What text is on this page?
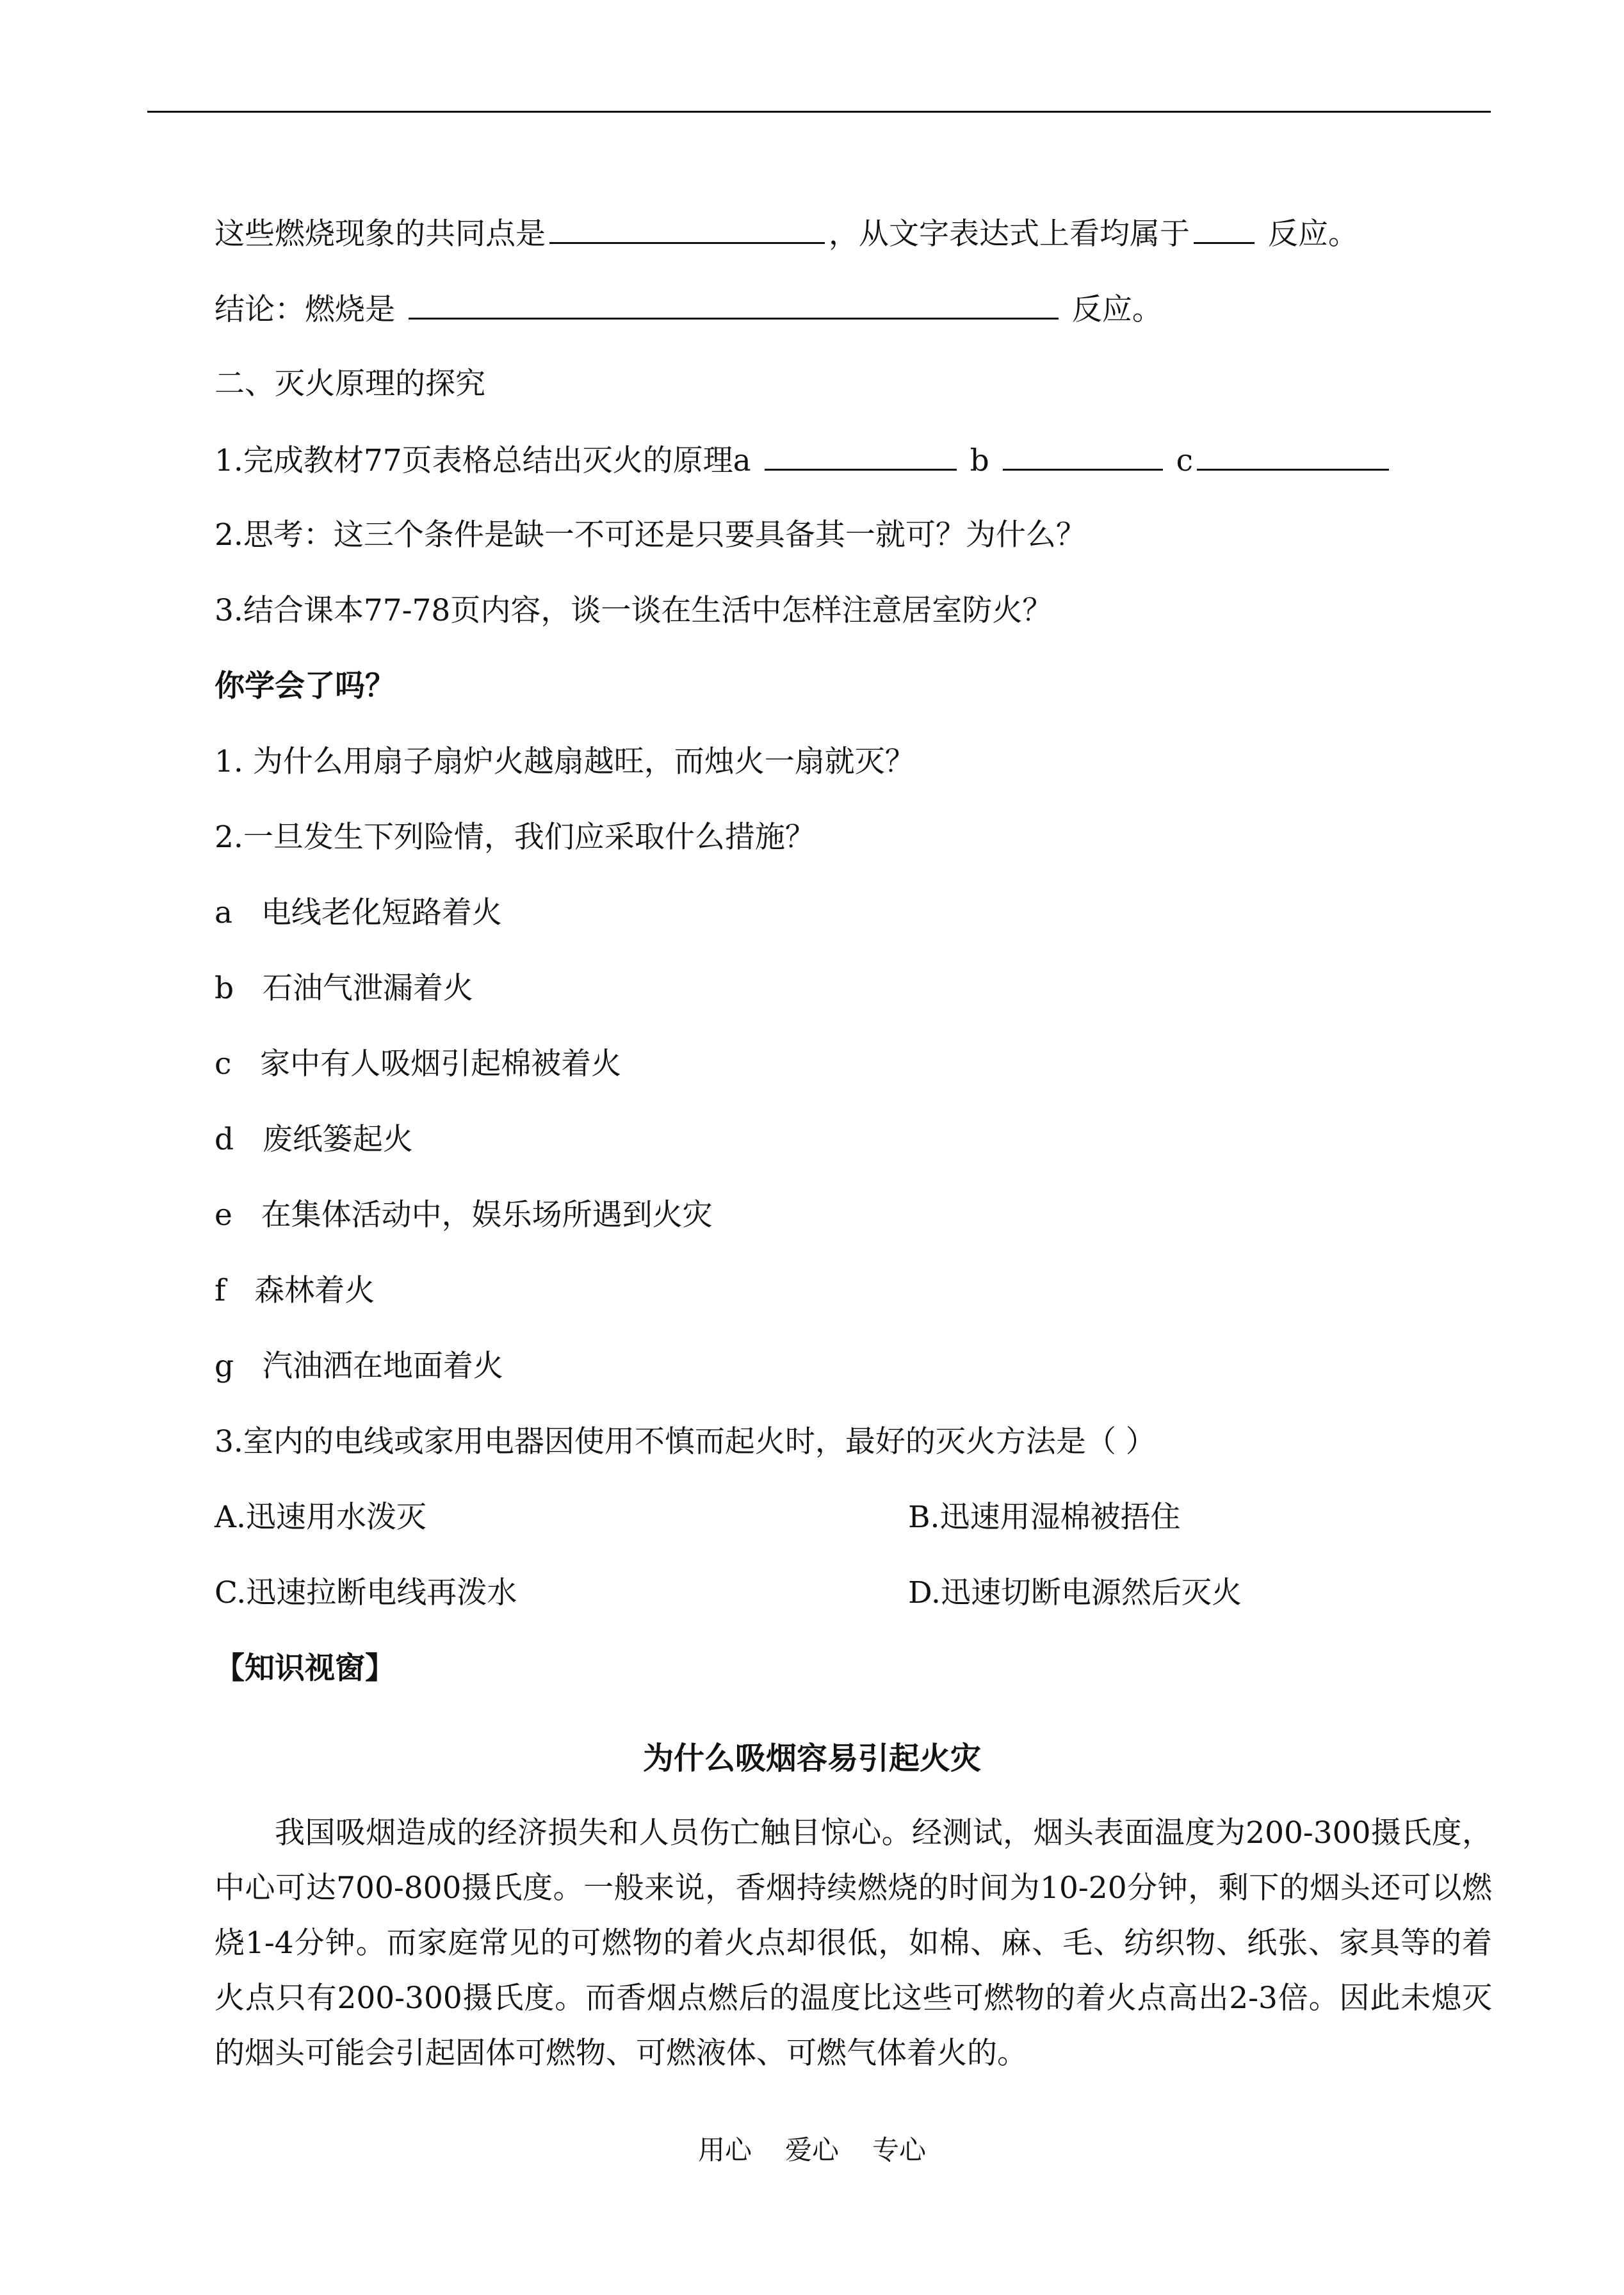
这些燃烧现象的共同点是	，从文字表达式上看均属于	反应。
结论：燃烧是	反应。
二、灭火原理的探究
1.完成教材77页表格总结出灭火的原理a	b	c
2.思考：这三个条件是缺一不可还是只要具备其一就可？为什么？
3.结合课本77-78页内容，谈一谈在生活中怎样注意居室防火？
你学会了吗？
1. 为什么用扇子扇炉火越扇越旺，而烛火一扇就灭？
2.一旦发生下列险情，我们应采取什么措施？
a 电线老化短路着火
b 石油气泄漏着火
c 家中有人吸烟引起棉被着火
d 废纸篓起火
e 在集体活动中，娱乐场所遇到火灾
f 森林着火
g 汽油洒在地面着火
3.室内的电线或家用电器因使用不慎而起火时，最好的灭火方法是（ ）
A.迅速用水泼灭	B.迅速用湿棉被捂住
C.迅速拉断电线再泼水	D.迅速切断电源然后灭火
【知识视窗】
为什么吸烟容易引起火灾
我国吸烟造成的经济损失和人员伤亡触目惊心。经测试，烟头表面温度为200-300摄氏度，中心可达700-800摄氏度。一般来说，香烟持续燃烧的时间为10-20分钟，剩下的烟头还可以燃烧1-4分钟。而家庭常见的可燃物的着火点却很低，如棉、麻、毛、纺织物、纸张、家具等的着火点只有200-300摄氏度。而香烟点燃后的温度比这些可燃物的着火点高出2-3倍。因此未熄灭的烟头可能会引起固体可燃物、可燃液体、可燃气体着火的。
用心 爱心 专心
